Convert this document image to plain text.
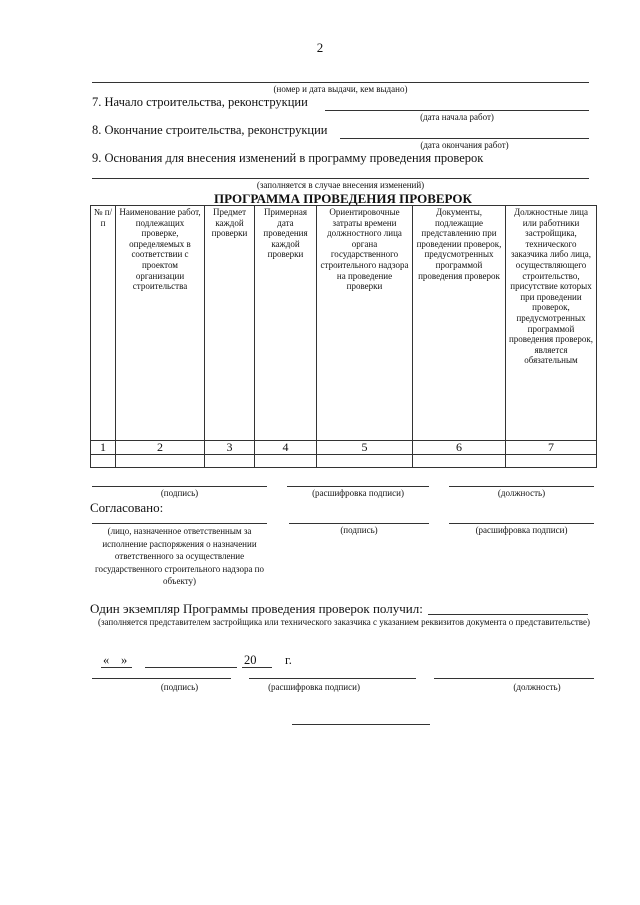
2
(номер и дата выдачи, кем выдано)
7. Начало строительства, реконструкции
(дата начала работ)
8. Окончание строительства, реконструкции
(дата окончания работ)
9. Основания для внесения изменений в программу проведения проверок
(заполняется в случае внесения изменений)
ПРОГРАММА ПРОВЕДЕНИЯ ПРОВЕРОК
№ п/п	Наименование работ, подлежащих проверке, определяемых в соответствии с проектом организации строительства	Предмет каждой проверки	Примерная дата проведения каждой проверки	Ориентировочные затраты времени должностного лица органа государственного строительного надзора на проведение проверки	Документы, подлежащие представлению при проведении проверок, предусмотренных программой проведения проверок	Должностные лица или работники застройщика, технического заказчика либо лица, осуществляющего строительство, присутствие которых при проведении проверок, предусмотренных программой проведения проверок, является обязательным
1	2	3	4	5	6	7

(подпись)	(расшифровка подписи)	(должность)
Согласовано:
(лицо, назначенное ответственным за исполнение распоряжения о назначении ответственного за осуществление государственного строительного надзора по объекту)
(подпись)	(расшифровка подписи)
Один экземпляр Программы проведения проверок получил:
(заполняется представителем застройщика или технического заказчика с указанием реквизитов документа о представительстве)
« »	20 г.
(подпись)	(расшифровка подписи)	(должность)
